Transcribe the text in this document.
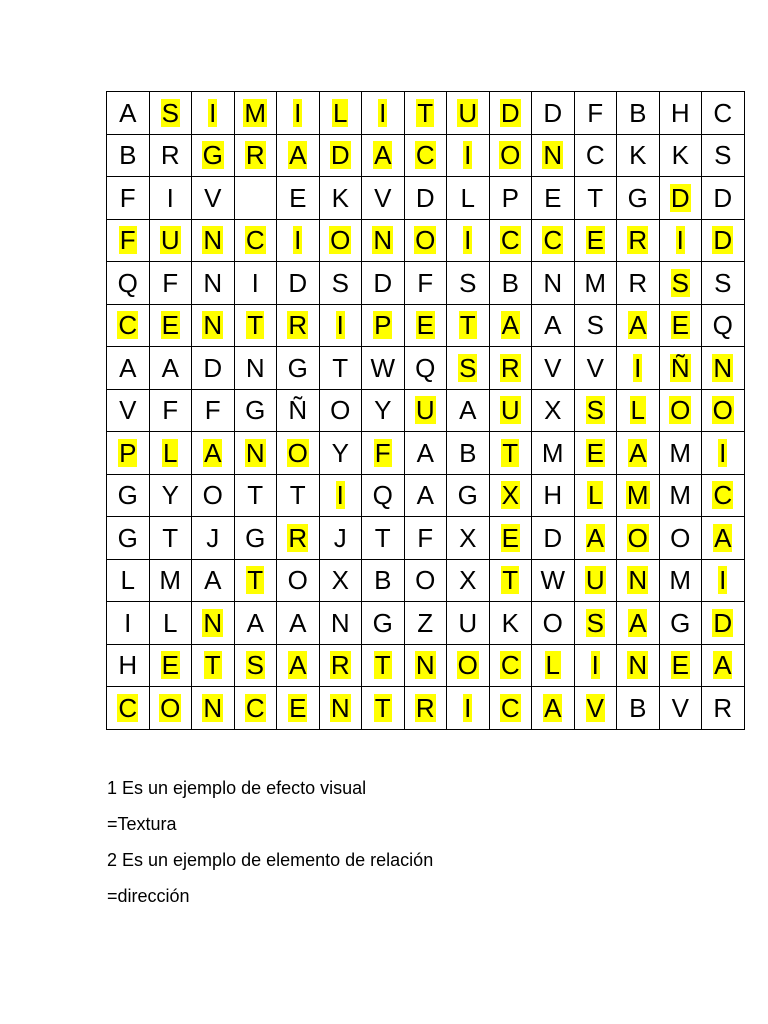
A	S	I	M	I	L	I	T	U	D	D	F	B	H	C
B	R	G	R	A	D	A	C	I	O	N	C	K	K	S
F	I	V		E	K	V	D	L	P	E	T	G	D	D
F	U	N	C	I	O	N	O	I	C	C	E	R	I	D
Q	F	N	I	D	S	D	F	S	B	N	M	R	S	S
C	E	N	T	R	I	P	E	T	A	A	S	A	E	Q
A	A	D	N	G	T	W	Q	S	R	V	V	I	Ñ	N
V	F	F	G	Ñ	O	Y	U	A	U	X	S	L	O	O
P	L	A	N	O	Y	F	A	B	T	M	E	A	M	I
G	Y	O	T	T	I	Q	A	G	X	H	L	M	M	C
G	T	J	G	R	J	T	F	X	E	D	A	O	O	A
L	M	A	T	O	X	B	O	X	T	W	U	N	M	I
I	L	N	A	A	N	G	Z	U	K	O	S	A	G	D
H	E	T	S	A	R	T	N	O	C	L	I	N	E	A
C	O	N	C	E	N	T	R	I	C	A	V	B	V	R

1 Es un ejemplo de efecto visual

=Textura

2 Es un ejemplo de elemento de relación

=dirección
